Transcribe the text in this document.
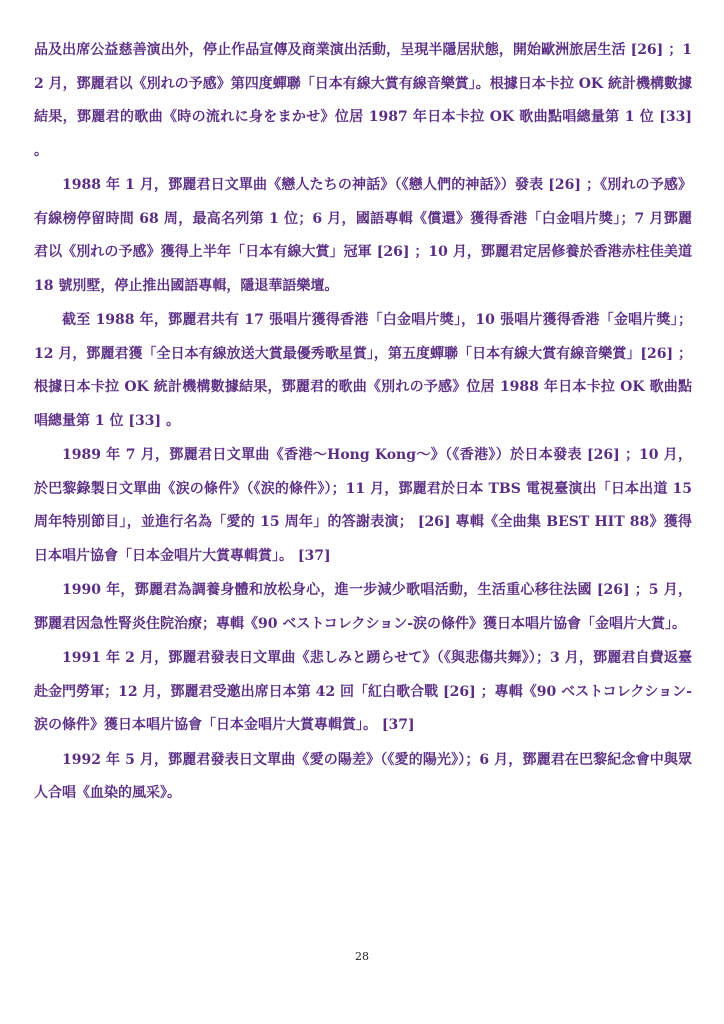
品及出席公益慈善演出外，停止作品宣傳及商業演出活動，呈現半隱居狀態，開始歐洲旅居生活 [26] ；12 月，鄧麗君以《別れの予感》第四度蟬聯「日本有線大賞有線音樂賞」。根據日本卡拉 OK 統計機構數據結果，鄧麗君的歌曲《時の流れに身をまかせ》位居 1987 年日本卡拉 OK 歌曲點唱總量第 1 位 [33] 。

1988 年 1 月，鄧麗君日文單曲《戀人たちの神話》（《戀人們的神話》）發表 [26] ；《別れの予感》有線榜停留時間 68 周，最高名列第 1 位；6 月，國語專輯《償還》獲得香港「白金唱片獎」；7 月鄧麗君以《別れの予感》獲得上半年「日本有線大賞」冠軍 [26] ；10 月，鄧麗君定居修養於香港赤柱佳美道 18 號別墅，停止推出國語專輯，隱退華語樂壇。

截至 1988 年，鄧麗君共有 17 張唱片獲得香港「白金唱片獎」，10 張唱片獲得香港「金唱片獎」；12 月，鄧麗君獲「全日本有線放送大賞最優秀歌星賞」，第五度蟬聯「日本有線大賞有線音樂賞」[26] ；根據日本卡拉 OK 統計機構數據結果，鄧麗君的歌曲《別れの予感》位居 1988 年日本卡拉 OK 歌曲點唱總量第 1 位 [33] 。

1989 年 7 月，鄧麗君日文單曲《香港～Hong Kong～》（《香港》）於日本發表 [26] ；10 月，於巴黎錄製日文單曲《涙の條件》（《涙的條件》）；11 月，鄧麗君於日本 TBS 電視臺演出「日本出道 15 周年特別節目」，並進行名為「愛的 15 周年」的答謝表演； [26] 專輯《全曲集 BEST HIT 88》獲得日本唱片協會「日本金唱片大賞專輯賞」。 [37]

1990 年，鄧麗君為調養身體和放松身心，進一步減少歌唱活動，生活重心移往法國 [26] ；5 月，鄧麗君因急性腎炎住院治療；專輯《90 ベストコレクション-涙の條件》獲日本唱片協會「金唱片大賞」。

1991 年 2 月，鄧麗君發表日文單曲《悲しみと踴らせて》（《與悲傷共舞》）；3 月，鄧麗君自費返臺赴金門勞軍；12 月，鄧麗君受邀出席日本第 42 回「紅白歌合戰 [26] ；專輯《90 ベストコレクション-涙の條件》獲日本唱片協會「日本金唱片大賞專輯賞」。 [37]

1992 年 5 月，鄧麗君發表日文單曲《愛の陽差》（《愛的陽光》）；6 月，鄧麗君在巴黎紀念會中與眾人合唱《血染的風采》。

28
